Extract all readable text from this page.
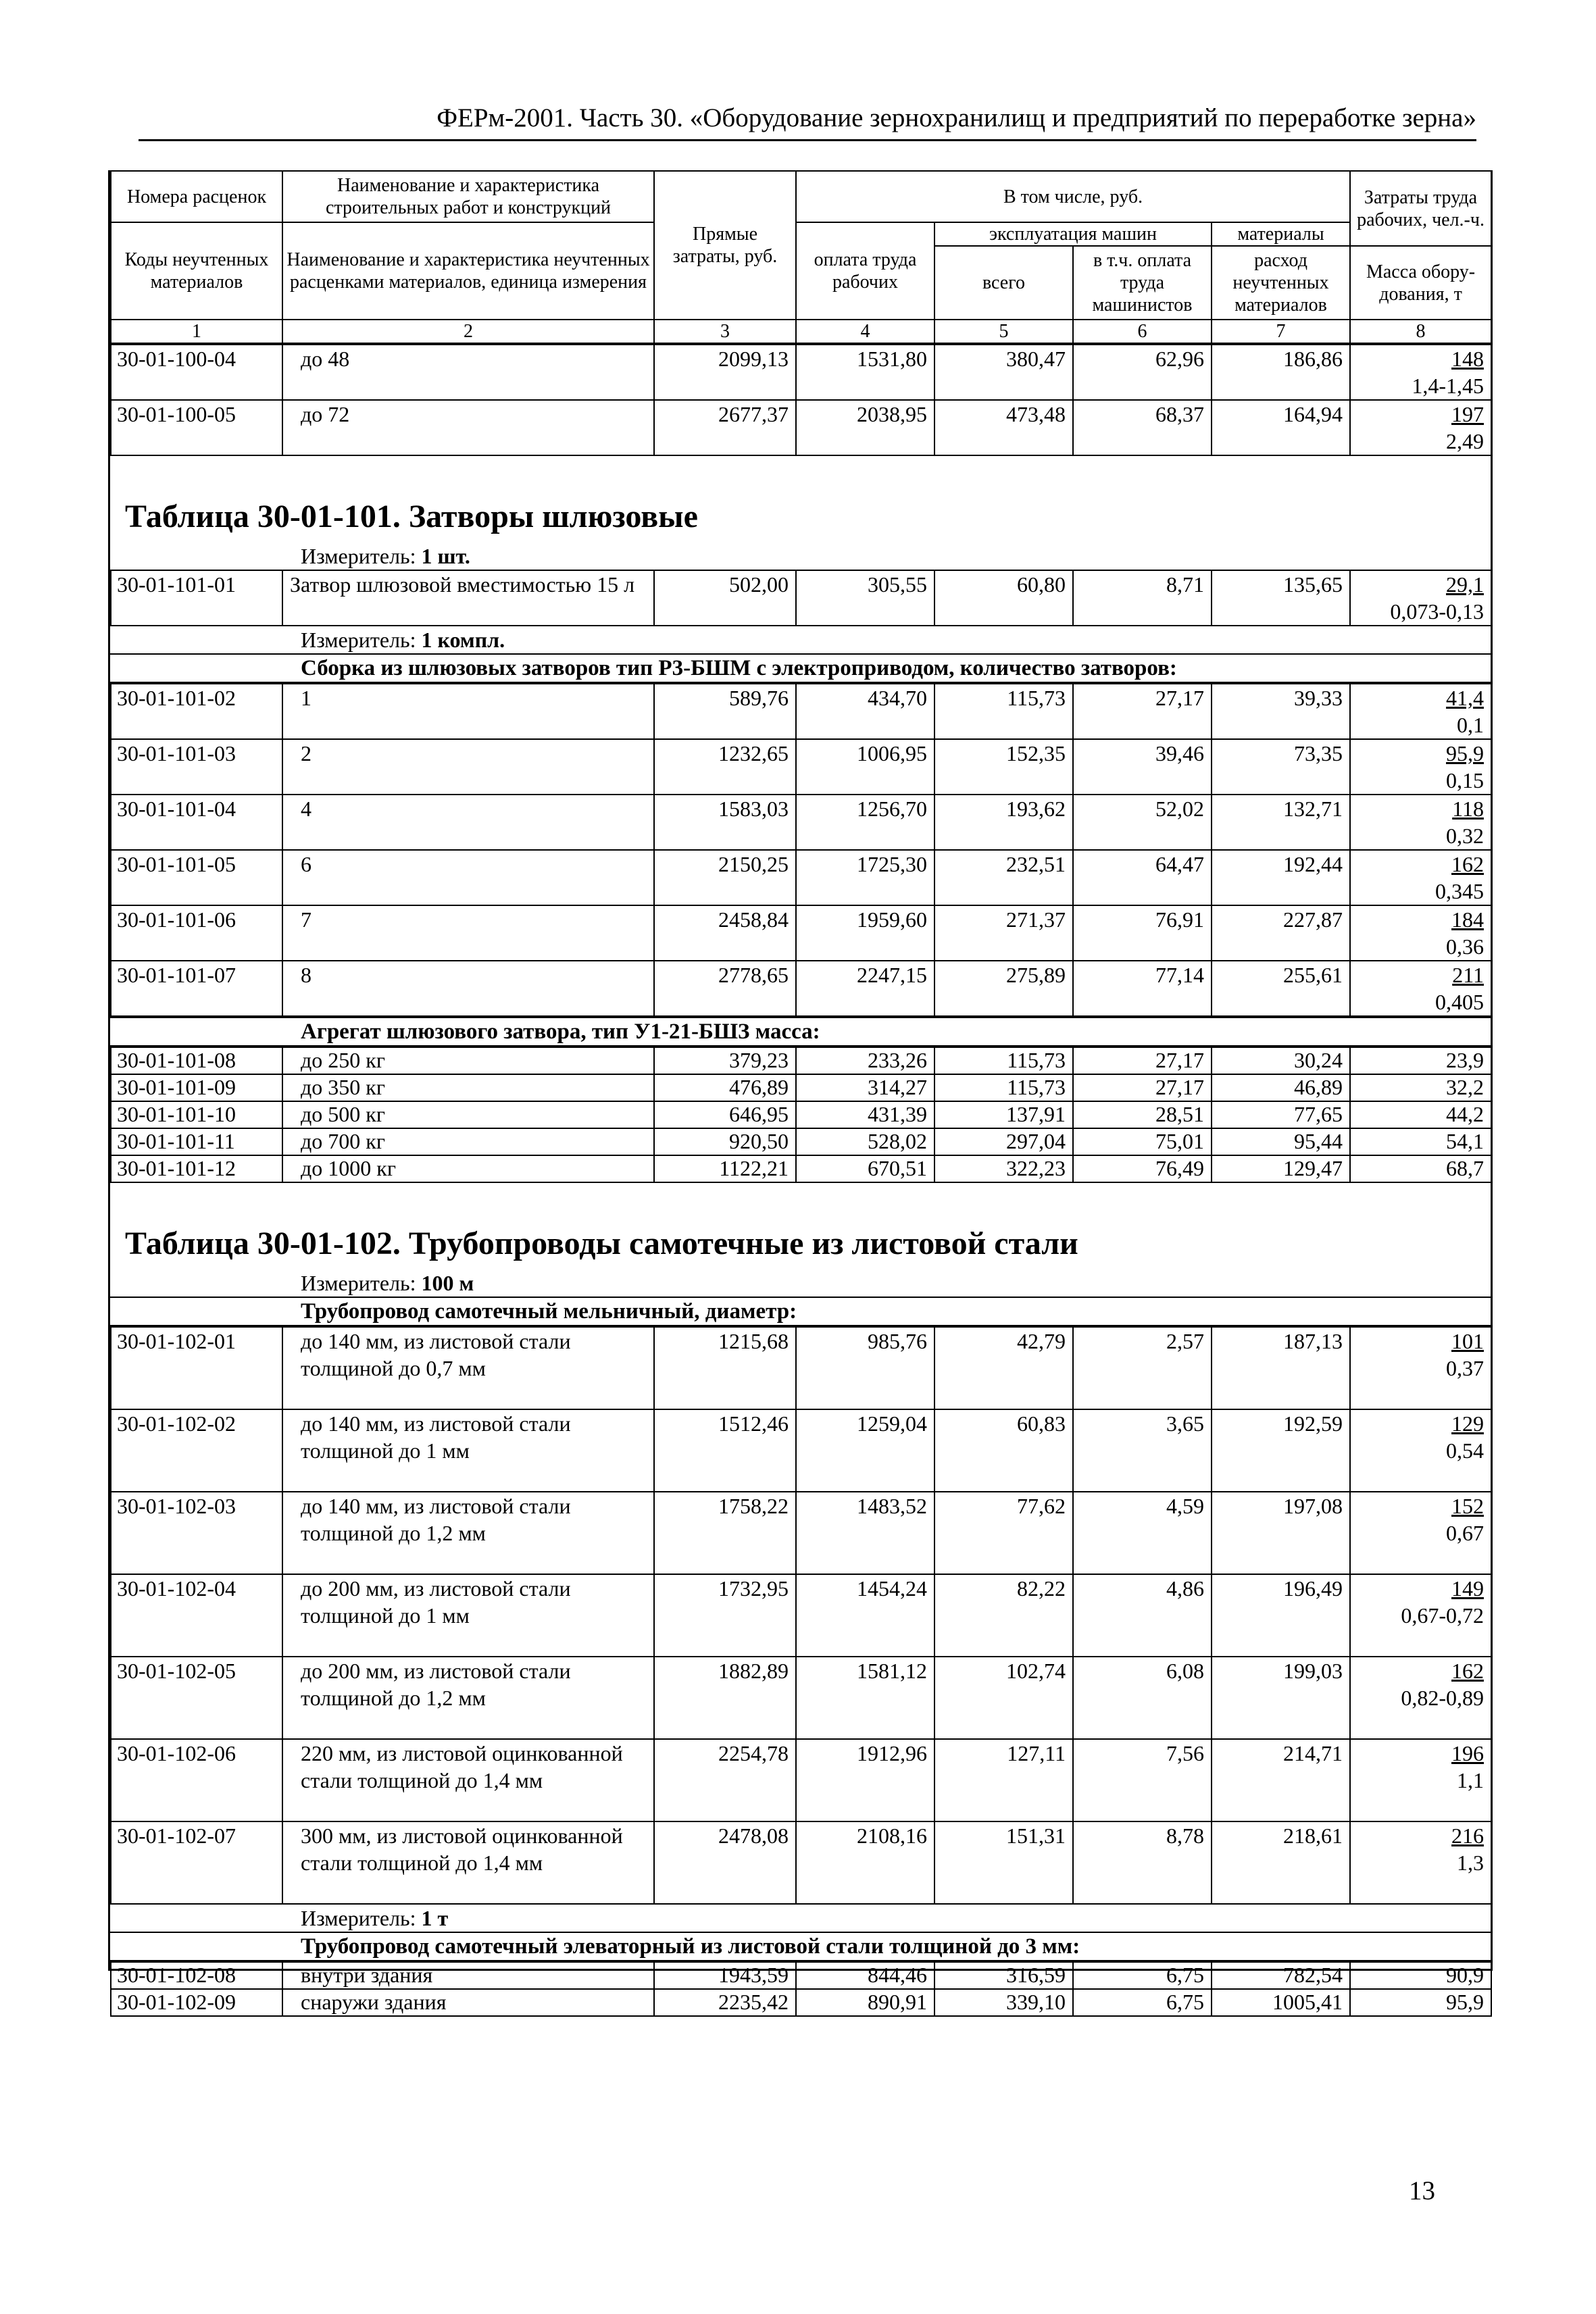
ФЕРм-2001. Часть 30. «Оборудование зернохранилищ и предприятий по переработке зерна»
Номера расценок	Наименование и характеристика строительных работ и конструкций	Прямые затраты, руб.	В том числе, руб.				Затраты труда рабочих, чел.-ч.
Коды неучтенных материалов	Наименование и характеристика неучтенных расценками материалов, единица измерения		оплата труда рабочих	эксплуатация машин		материалы	
				всего	в т.ч. оплата труда машинистов	расход неучтенных материалов	Масса обору-дования, т
1	2	3	4	5	6	7	8
30-01-100-04	до 48	2099,13	1531,80	380,47	62,96	186,86	148
1,4-1,45
30-01-100-05	до 72	2677,37	2038,95	473,48	68,37	164,94	197
2,49
Таблица 30-01-101. Затворы шлюзовые
Измеритель: 1 шт.
30-01-101-01	Затвор шлюзовой вместимостью 15 л	502,00	305,55	60,80	8,71	135,65	29,1
0,073-0,13
Измеритель: 1 компл.
Сборка из шлюзовых затворов тип Р3-БШМ с электроприводом, количество затворов:
30-01-101-02	1	589,76	434,70	115,73	27,17	39,33	41,4
0,1
30-01-101-03	2	1232,65	1006,95	152,35	39,46	73,35	95,9
0,15
30-01-101-04	4	1583,03	1256,70	193,62	52,02	132,71	118
0,32
30-01-101-05	6	2150,25	1725,30	232,51	64,47	192,44	162
0,345
30-01-101-06	7	2458,84	1959,60	271,37	76,91	227,87	184
0,36
30-01-101-07	8	2778,65	2247,15	275,89	77,14	255,61	211
0,405
Агрегат шлюзового затвора, тип У1-21-БШЗ масса:
30-01-101-08	до 250 кг	379,23	233,26	115,73	27,17	30,24	23,9
30-01-101-09	до 350 кг	476,89	314,27	115,73	27,17	46,89	32,2
30-01-101-10	до 500 кг	646,95	431,39	137,91	28,51	77,65	44,2
30-01-101-11	до 700 кг	920,50	528,02	297,04	75,01	95,44	54,1
30-01-101-12	до 1000 кг	1122,21	670,51	322,23	76,49	129,47	68,7
Таблица 30-01-102. Трубопроводы самотечные из листовой стали
Измеритель: 100 м
Трубопровод самотечный мельничный, диаметр:
30-01-102-01	до 140 мм, из листовой стали толщиной до 0,7 мм	1215,68	985,76	42,79	2,57	187,13	101
0,37
30-01-102-02	до 140 мм, из листовой стали толщиной до 1 мм	1512,46	1259,04	60,83	3,65	192,59	129
0,54
30-01-102-03	до 140 мм, из листовой стали толщиной до 1,2 мм	1758,22	1483,52	77,62	4,59	197,08	152
0,67
30-01-102-04	до 200 мм, из листовой стали толщиной до 1 мм	1732,95	1454,24	82,22	4,86	196,49	149
0,67-0,72
30-01-102-05	до 200 мм, из листовой стали толщиной до 1,2 мм	1882,89	1581,12	102,74	6,08	199,03	162
0,82-0,89
30-01-102-06	220 мм, из листовой оцинкованной стали толщиной до 1,4 мм	2254,78	1912,96	127,11	7,56	214,71	196
1,1
30-01-102-07	300 мм, из листовой оцинкованной стали толщиной до 1,4 мм	2478,08	2108,16	151,31	8,78	218,61	216
1,3
Измеритель: 1 т
Трубопровод самотечный элеваторный из листовой стали толщиной до 3 мм:
30-01-102-08	внутри здания	1943,59	844,46	316,59	6,75	782,54	90,9
30-01-102-09	снаружи здания	2235,42	890,91	339,10	6,75	1005,41	95,9
13
